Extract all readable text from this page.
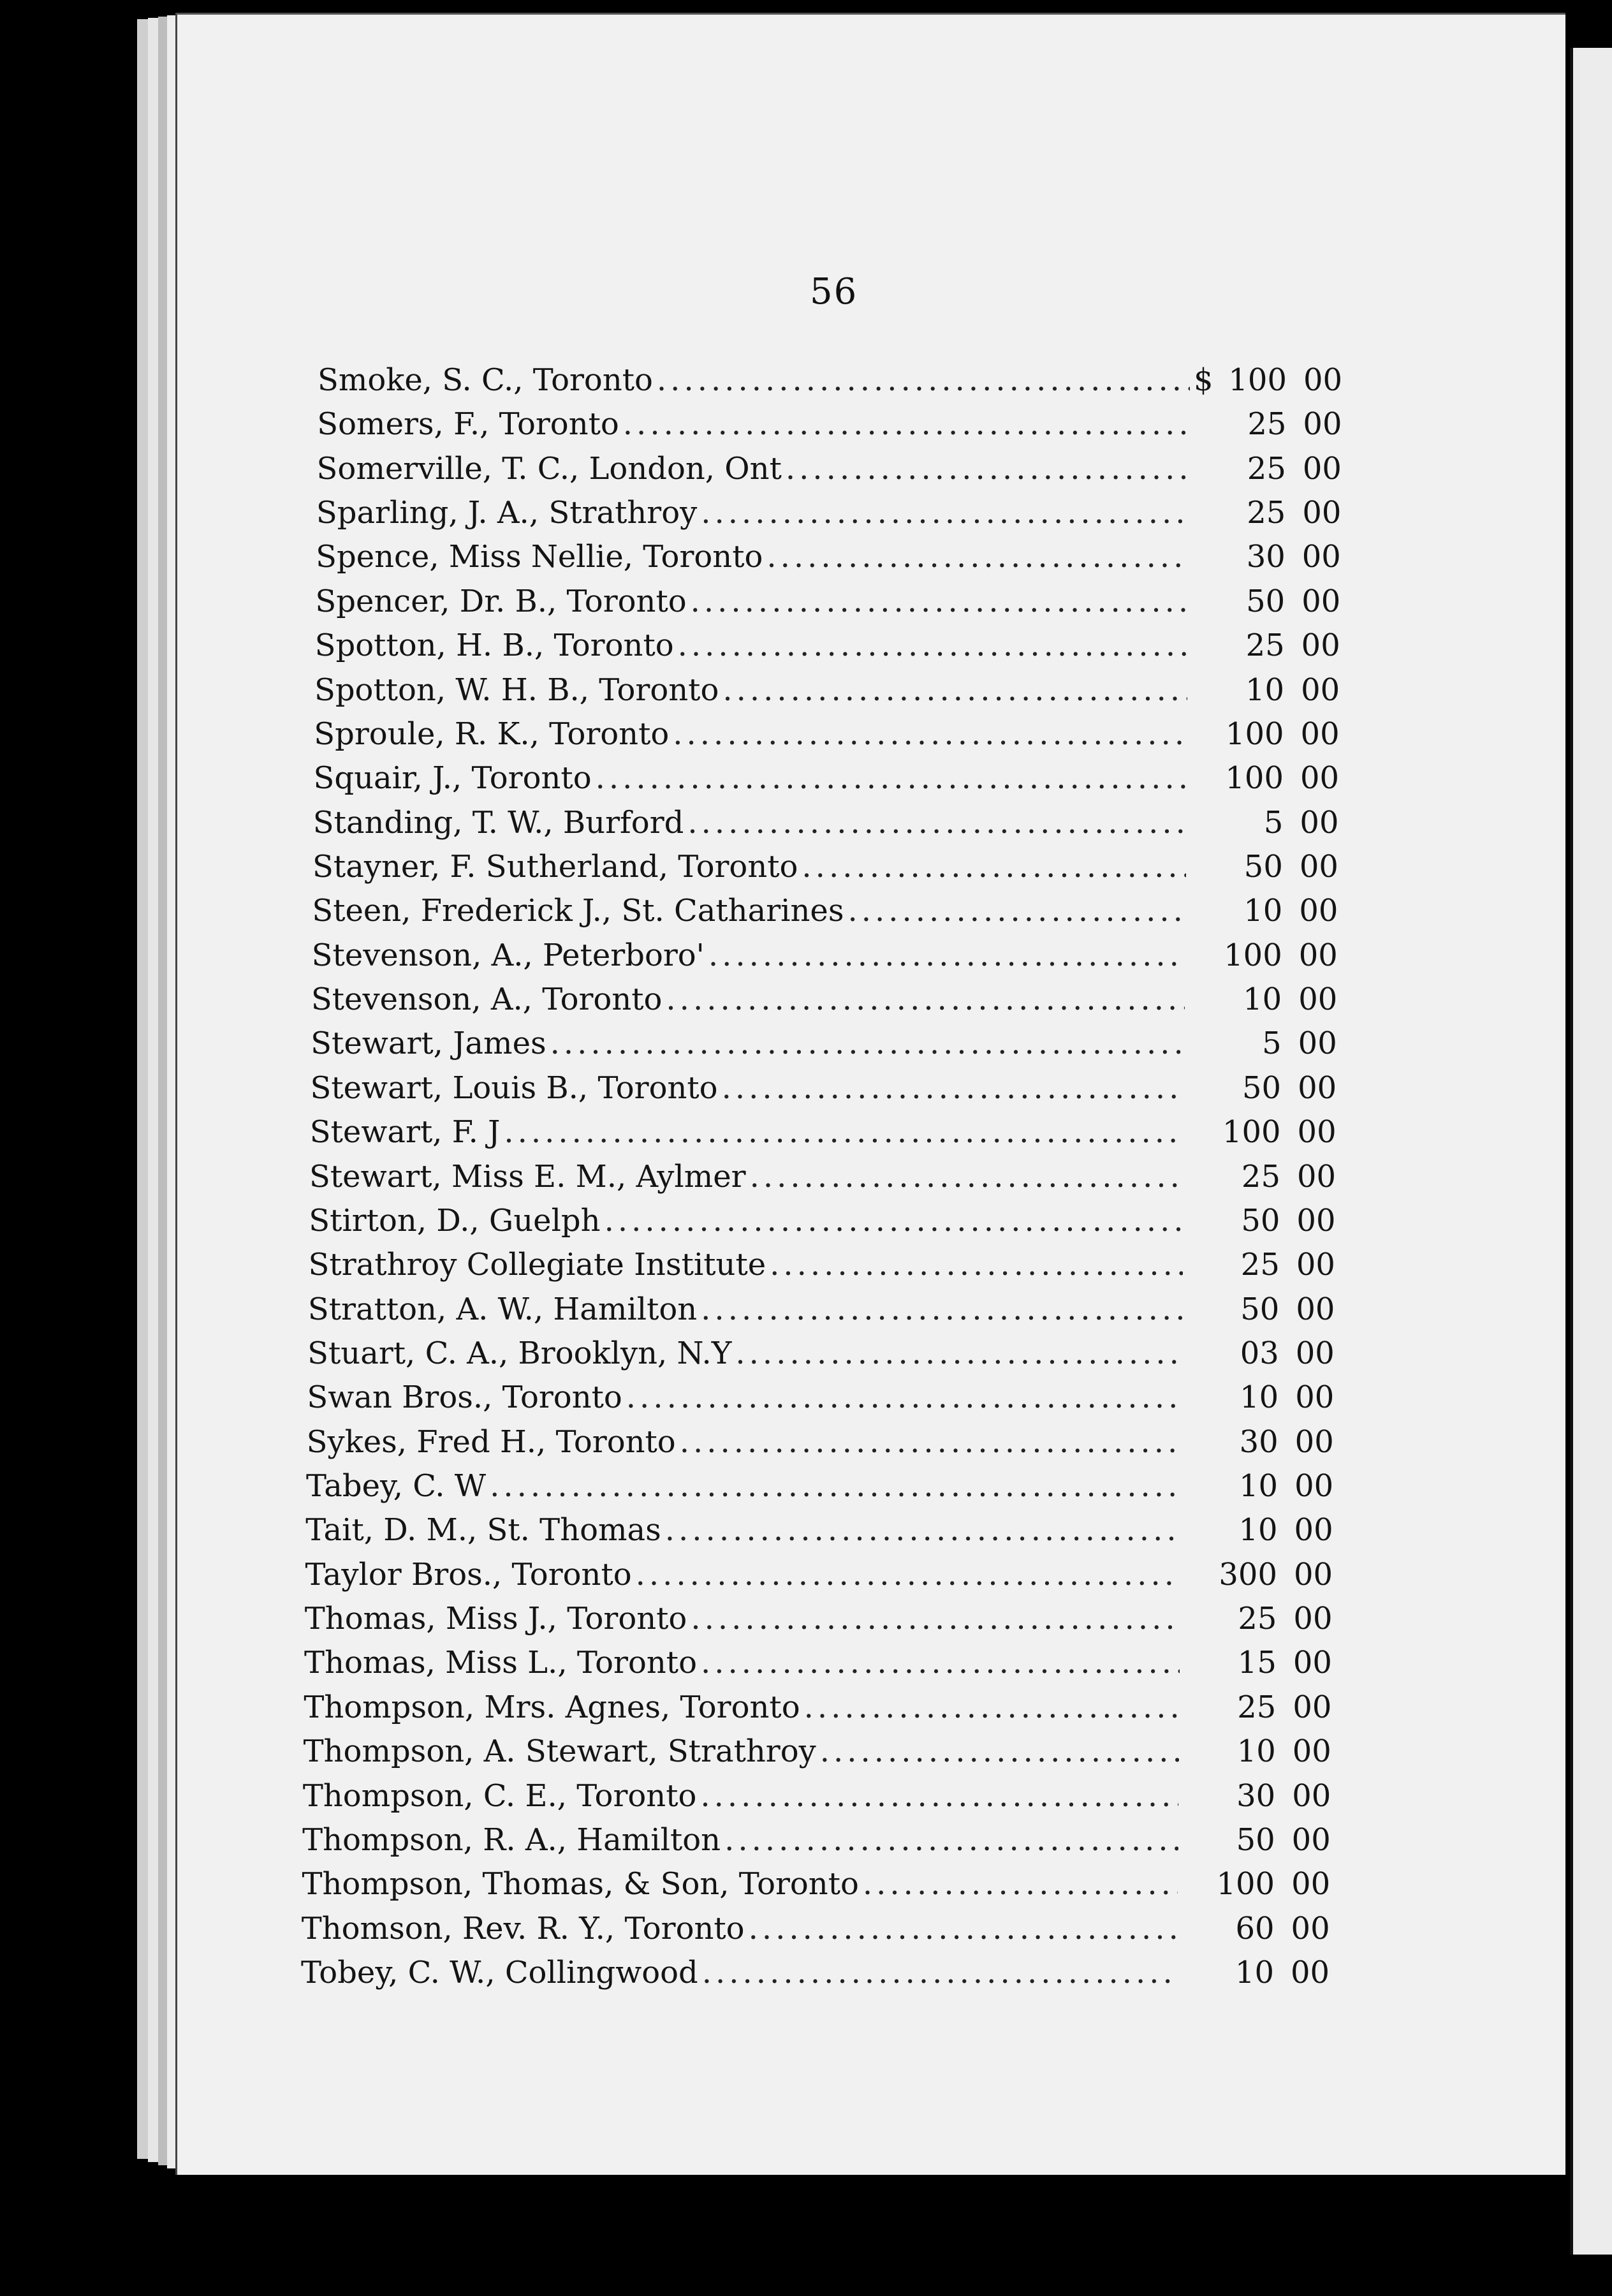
56
Smoke, S. C., Toronto .....	$ 100 00
Somers, F., Toronto .....	25 00
Somerville, T. C., London, Ont .....	25 00
Sparling, J. A., Strathroy .....	25 00
Spence, Miss Nellie, Toronto .....	30 00
Spencer, Dr. B., Toronto .....	50 00
Spotton, H. B., Toronto .....	25 00
Spotton, W. H. B., Toronto .....	10 00
Sproule, R. K., Toronto .....	100 00
Squair, J., Toronto .....	100 00
Standing, T. W., Burford .....	5 00
Stayner, F. Sutherland, Toronto .....	50 00
Steen, Frederick J., St. Catharines .....	10 00
Stevenson, A., Peterboro' .....	100 00
Stevenson, A., Toronto .....	10 00
Stewart, James .....	5 00
Stewart, Louis B., Toronto .....	50 00
Stewart, F. J .....	100 00
Stewart, Miss E. M., Aylmer .....	25 00
Stirton, D., Guelph .....	50 00
Strathroy Collegiate Institute .....	25 00
Stratton, A. W., Hamilton .....	50 00
Stuart, C. A., Brooklyn, N.Y .....	03 00
Swan Bros., Toronto .....	10 00
Sykes, Fred H., Toronto .....	30 00
Tabey, C. W .....	10 00
Tait, D. M., St. Thomas .....	10 00
Taylor Bros., Toronto .....	300 00
Thomas, Miss J., Toronto .....	25 00
Thomas, Miss L., Toronto .....	15 00
Thompson, Mrs. Agnes, Toronto .....	25 00
Thompson, A. Stewart, Strathroy .....	10 00
Thompson, C. E., Toronto .....	30 00
Thompson, R. A., Hamilton .....	50 00
Thompson, Thomas, & Son, Toronto .....	100 00
Thomson, Rev. R. Y., Toronto .....	60 00
Tobey, C. W., Collingwood .....	10 00
